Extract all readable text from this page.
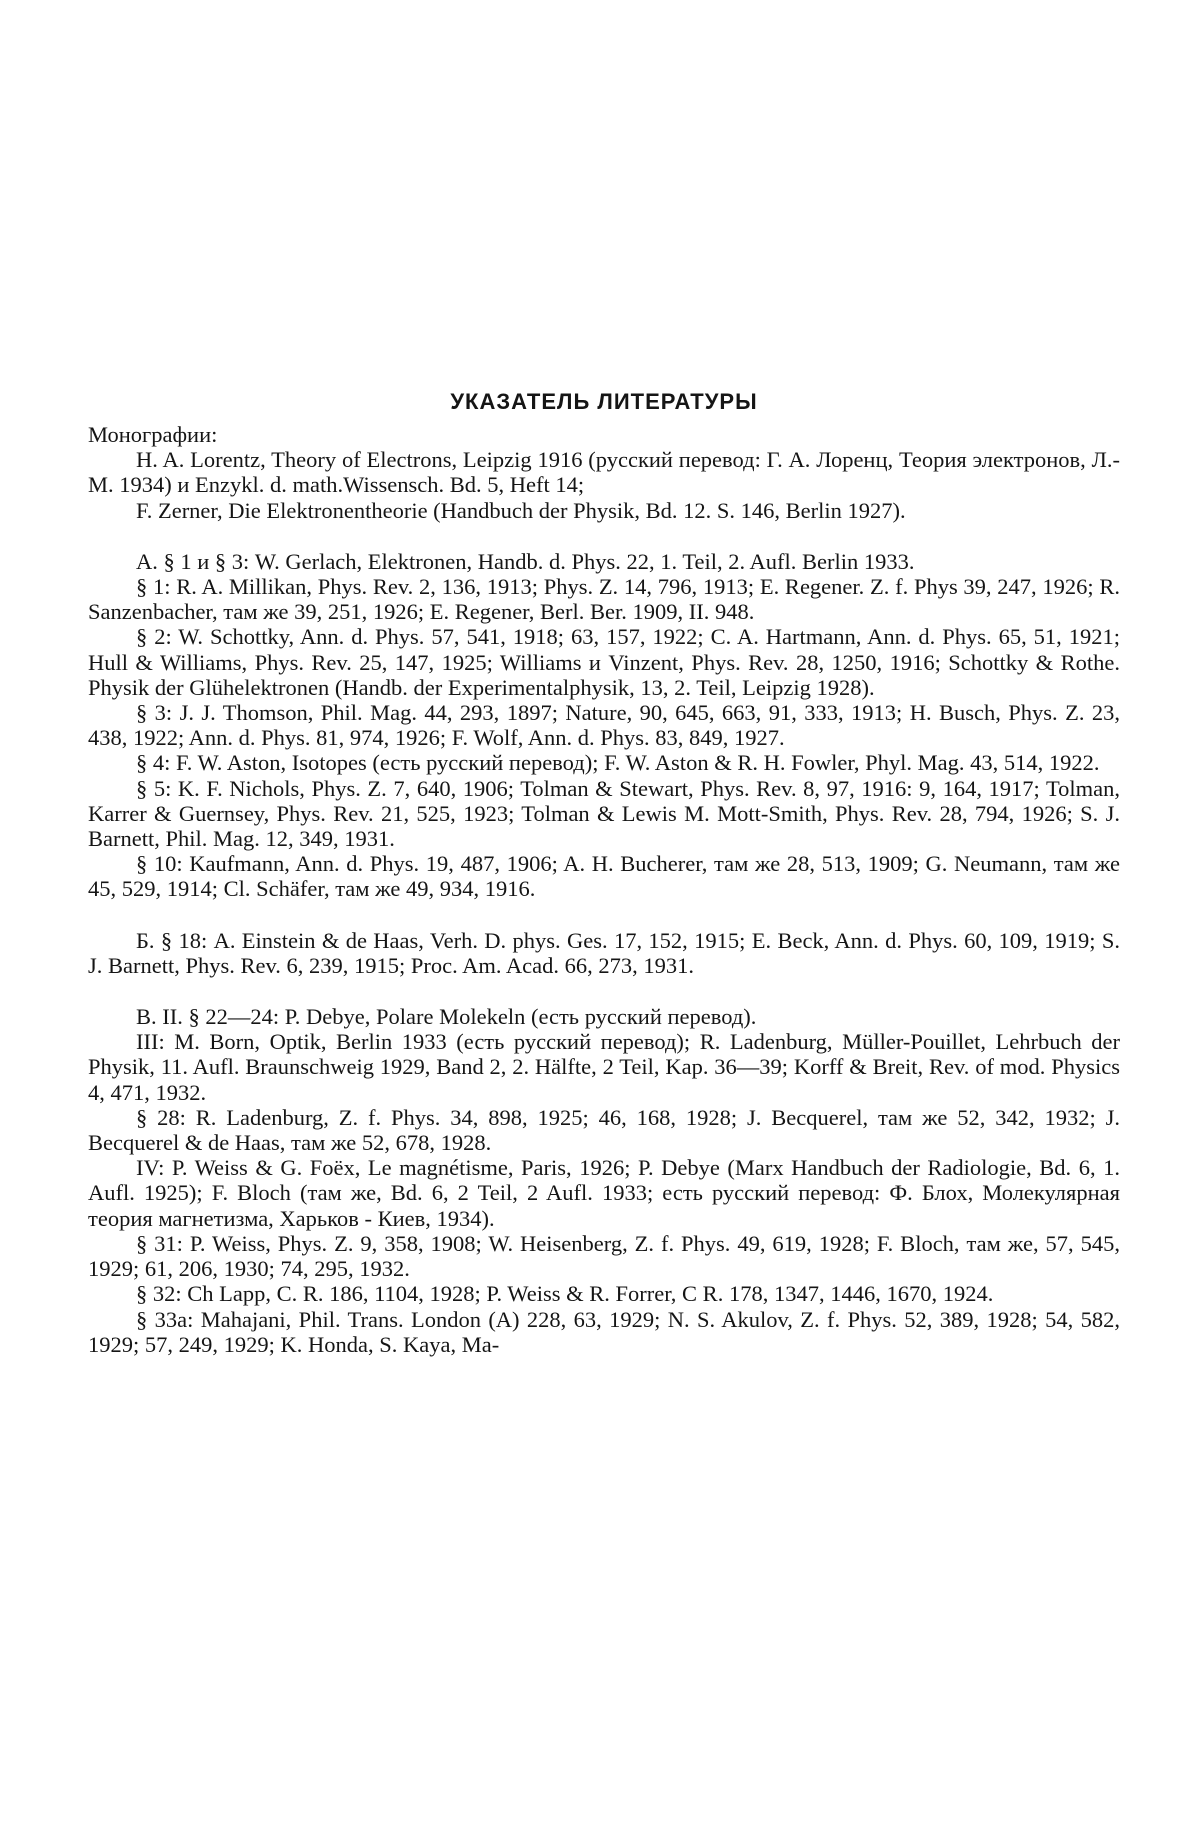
УКАЗАТЕЛЬ ЛИТЕРАТУРЫ

Монографии:

H. A. Lorentz, Theory of Electrons, Leipzig 1916 (русский перевод: Г. А. Лоренц, Теория электронов, Л.-М. 1934) и Enzykl. d. math.Wissensch. Bd. 5, Heft 14;

F. Zerner, Die Elektronentheorie (Handbuch der Physik, Bd. 12. S. 146, Berlin 1927).

А. § 1 и § 3: W. Gerlach, Elektronen, Handb. d. Phys. 22, 1. Teil, 2. Aufl. Berlin 1933.

§ 1: R. A. Millikan, Phys. Rev. 2, 136, 1913; Phys. Z. 14, 796, 1913; E. Regener. Z. f. Phys 39, 247, 1926; R. Sanzenbacher, там же 39, 251, 1926; E. Regener, Berl. Ber. 1909, II. 948.

§ 2: W. Schottky, Ann. d. Phys. 57, 541, 1918; 63, 157, 1922; C. A. Hartmann, Ann. d. Phys. 65, 51, 1921; Hull & Williams, Phys. Rev. 25, 147, 1925; Williams и Vinzent, Phys. Rev. 28, 1250, 1916; Schottky & Rothe. Physik der Glühelektronen (Handb. der Experimentalphysik, 13, 2. Teil, Leipzig 1928).

§ 3: J. J. Thomson, Phil. Mag. 44, 293, 1897; Nature, 90, 645, 663, 91, 333, 1913; H. Busch, Phys. Z. 23, 438, 1922; Ann. d. Phys. 81, 974, 1926; F. Wolf, Ann. d. Phys. 83, 849, 1927.

§ 4: F. W. Aston, Isotopes (есть русский перевод); F. W. Aston & R. H. Fowler, Phyl. Mag. 43, 514, 1922.

§ 5: K. F. Nichols, Phys. Z. 7, 640, 1906; Tolman & Stewart, Phys. Rev. 8, 97, 1916: 9, 164, 1917; Tolman, Karrer & Guernsey, Phys. Rev. 21, 525, 1923; Tolman & Lewis M. Mott-Smith, Phys. Rev. 28, 794, 1926; S. J. Barnett, Phil. Mag. 12, 349, 1931.

§ 10: Kaufmann, Ann. d. Phys. 19, 487, 1906; A. H. Bucherer, там же 28, 513, 1909; G. Neumann, там же 45, 529, 1914; Cl. Schäfer, там же 49, 934, 1916.

Б. § 18: A. Einstein & de Haas, Verh. D. phys. Ges. 17, 152, 1915; E. Beck, Ann. d. Phys. 60, 109, 1919; S. J. Barnett, Phys. Rev. 6, 239, 1915; Proc. Am. Acad. 66, 273, 1931.

В. II. § 22—24: P. Debye, Polare Molekeln (есть русский перевод).

III: M. Born, Optik, Berlin 1933 (есть русский перевод); R. Ladenburg, Müller-Pouillet, Lehrbuch der Physik, 11. Aufl. Braunschweig 1929, Band 2, 2. Hälfte, 2 Teil, Kap. 36—39; Korff & Breit, Rev. of mod. Physics 4, 471, 1932.

§ 28: R. Ladenburg, Z. f. Phys. 34, 898, 1925; 46, 168, 1928; J. Becquerel, там же 52, 342, 1932; J. Becquerel & de Haas, там же 52, 678, 1928.

IV: P. Weiss & G. Foëx, Le magnétisme, Paris, 1926; P. Debye (Marx Handbuch der Radiologie, Bd. 6, 1. Aufl. 1925); F. Bloch (там же, Bd. 6, 2 Teil, 2 Aufl. 1933; есть русский перевод: Ф. Блох, Молекулярная теория магнетизма, Харьков - Киев, 1934).

§ 31: P. Weiss, Phys. Z. 9, 358, 1908; W. Heisenberg, Z. f. Phys. 49, 619, 1928; F. Bloch, там же, 57, 545, 1929; 61, 206, 1930; 74, 295, 1932.

§ 32: Ch Lapp, C. R. 186, 1104, 1928; P. Weiss & R. Forrer, C R. 178, 1347, 1446, 1670, 1924.

§ 33a: Mahajani, Phil. Trans. London (A) 228, 63, 1929; N. S. Akulov, Z. f. Phys. 52, 389, 1928; 54, 582, 1929; 57, 249, 1929; K. Honda, S. Kaya, Ma-
